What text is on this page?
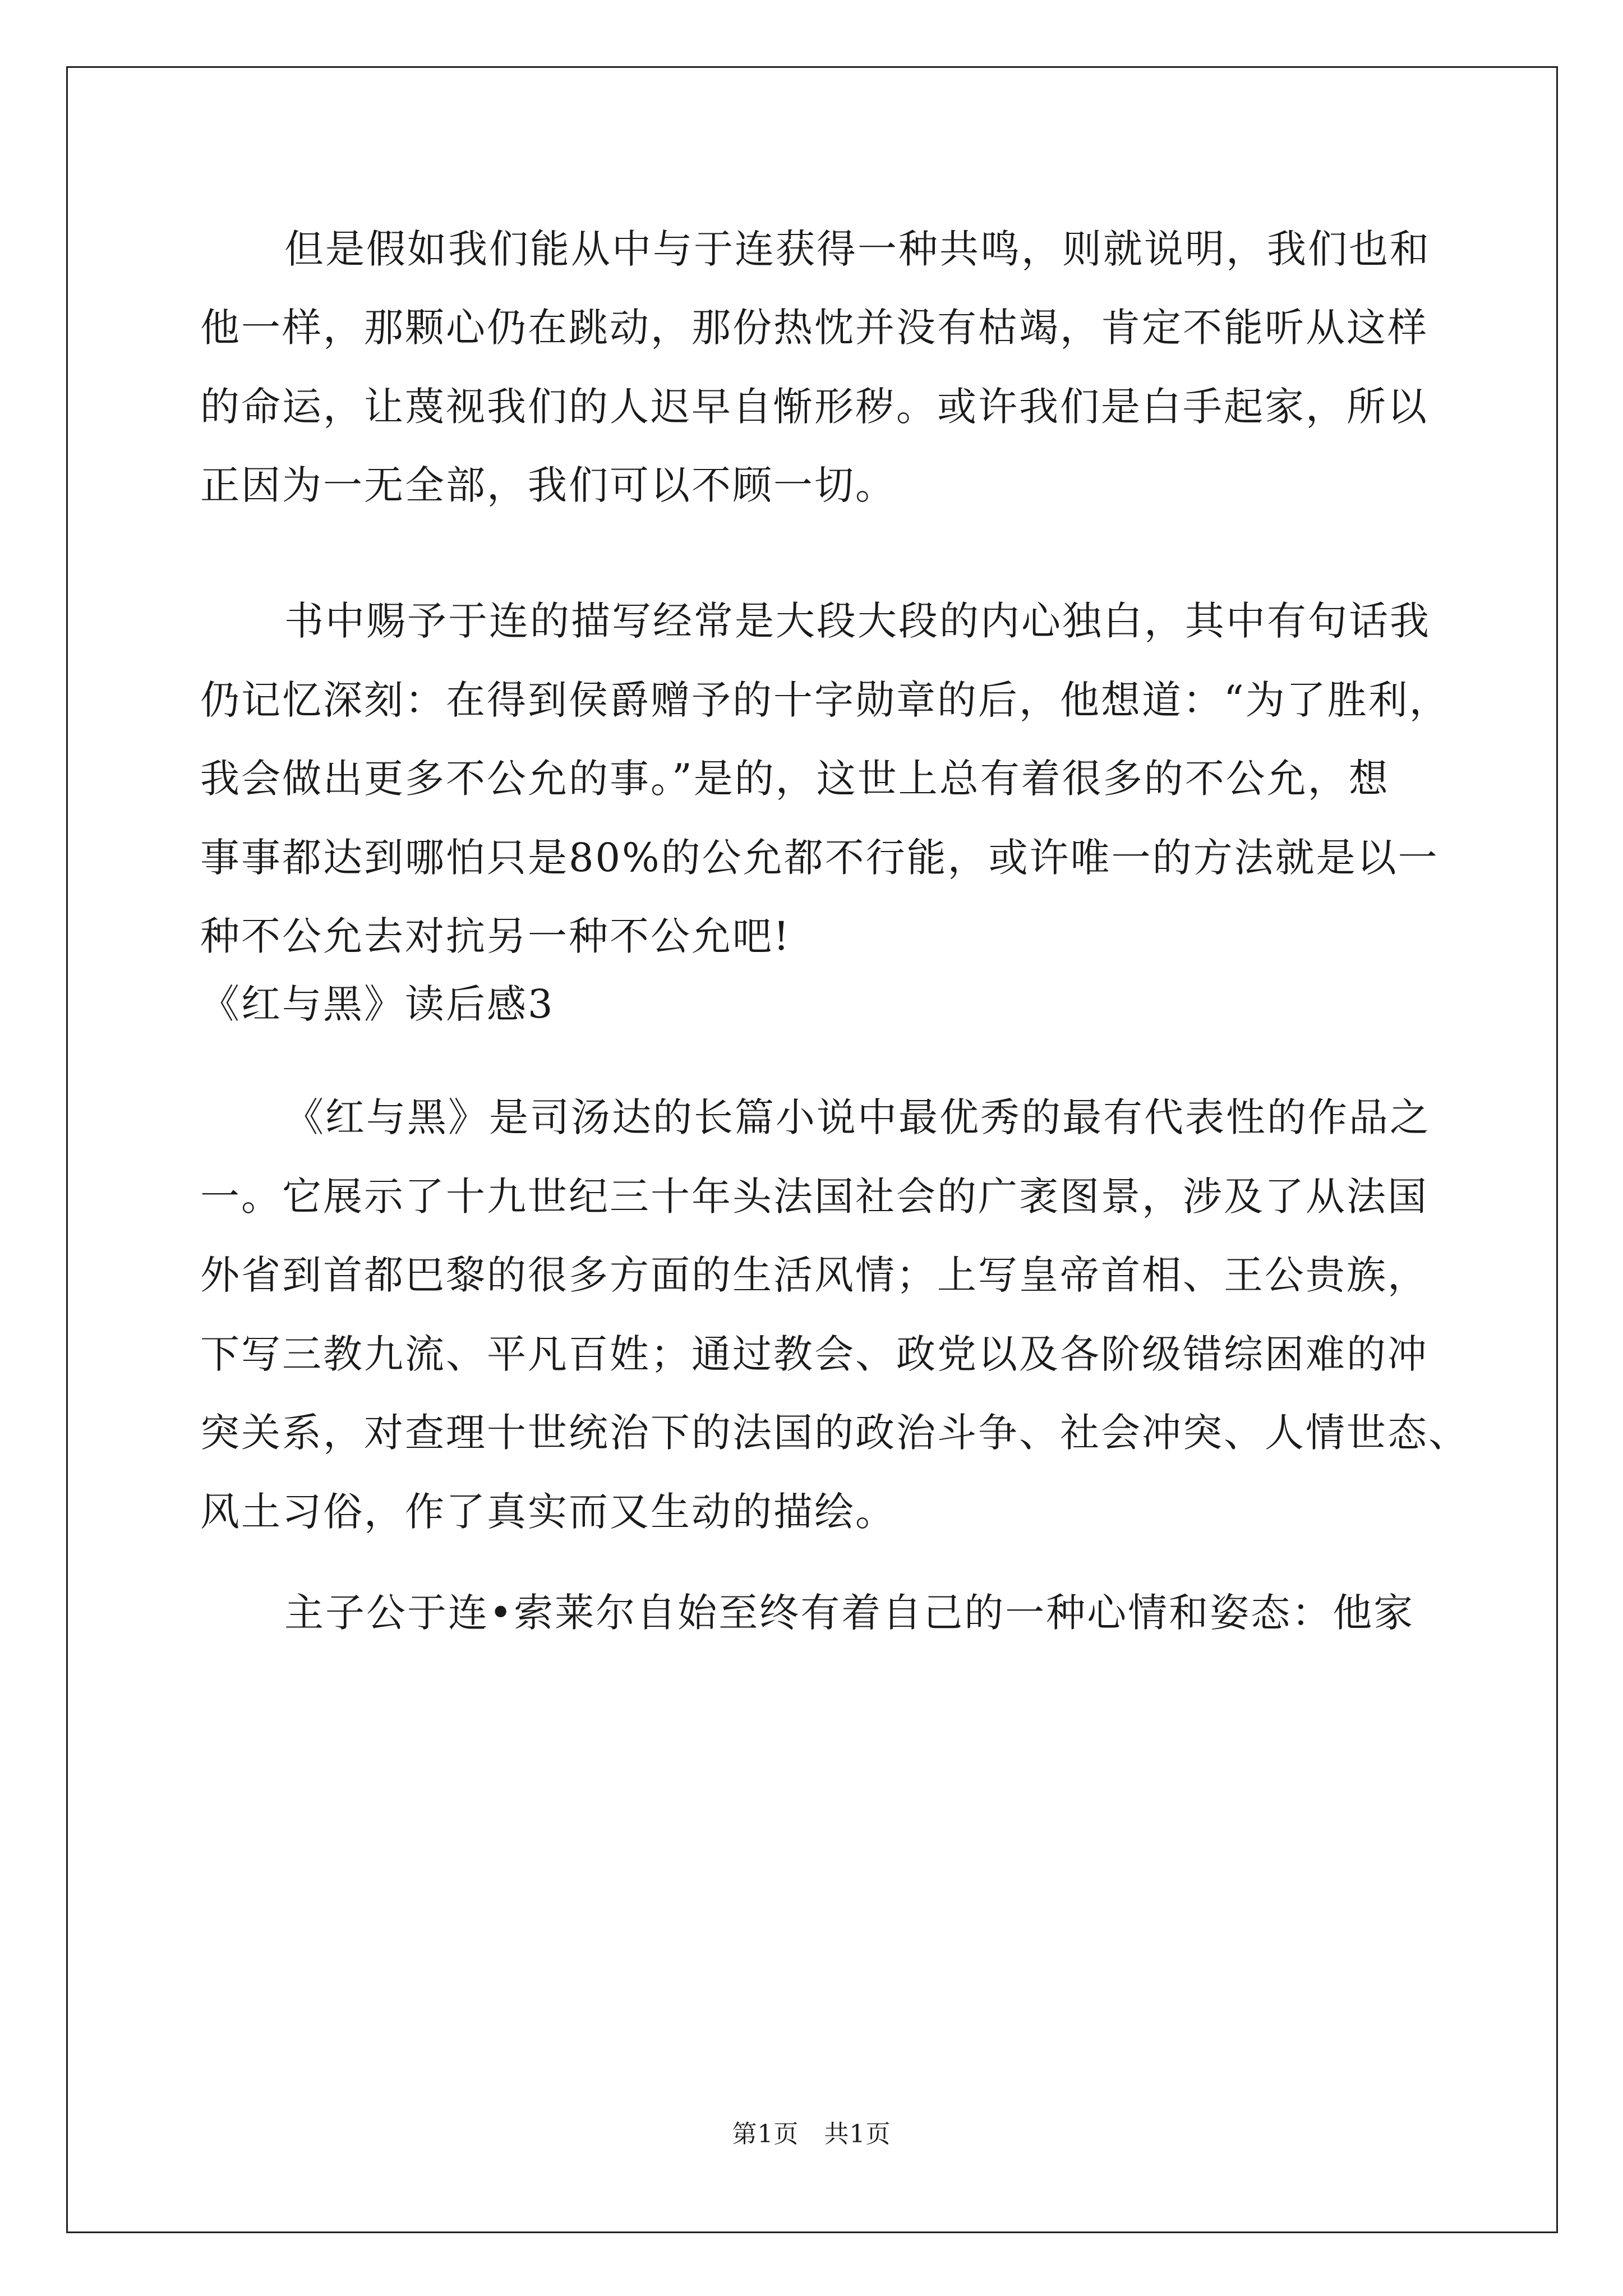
但是假如我们能从中与于连获得一种共鸣，则就说明，我们也和
他一样，那颗心仍在跳动，那份热忱并没有枯竭，肯定不能听从这样
的命运，让蔑视我们的人迟早自惭形秽。或许我们是白手起家，所以
正因为一无全部，我们可以不顾一切。
书中赐予于连的描写经常是大段大段的内心独白，其中有句话我
仍记忆深刻：在得到侯爵赠予的十字勋章的后，他想道：“为了胜利，
我会做出更多不公允的事。”是的，这世上总有着很多的不公允，想
事事都达到哪怕只是80%的公允都不行能，或许唯一的方法就是以一
种不公允去对抗另一种不公允吧!
《红与黑》读后感3
《红与黑》是司汤达的长篇小说中最优秀的最有代表性的作品之
一。它展示了十九世纪三十年头法国社会的广袤图景，涉及了从法国
外省到首都巴黎的很多方面的生活风情；上写皇帝首相、王公贵族，
下写三教九流、平凡百姓；通过教会、政党以及各阶级错综困难的冲
突关系，对查理十世统治下的法国的政治斗争、社会冲突、人情世态、
风土习俗，作了真实而又生动的描绘。
主子公于连•索莱尔自始至终有着自己的一种心情和姿态：他家
第1页　共1页
